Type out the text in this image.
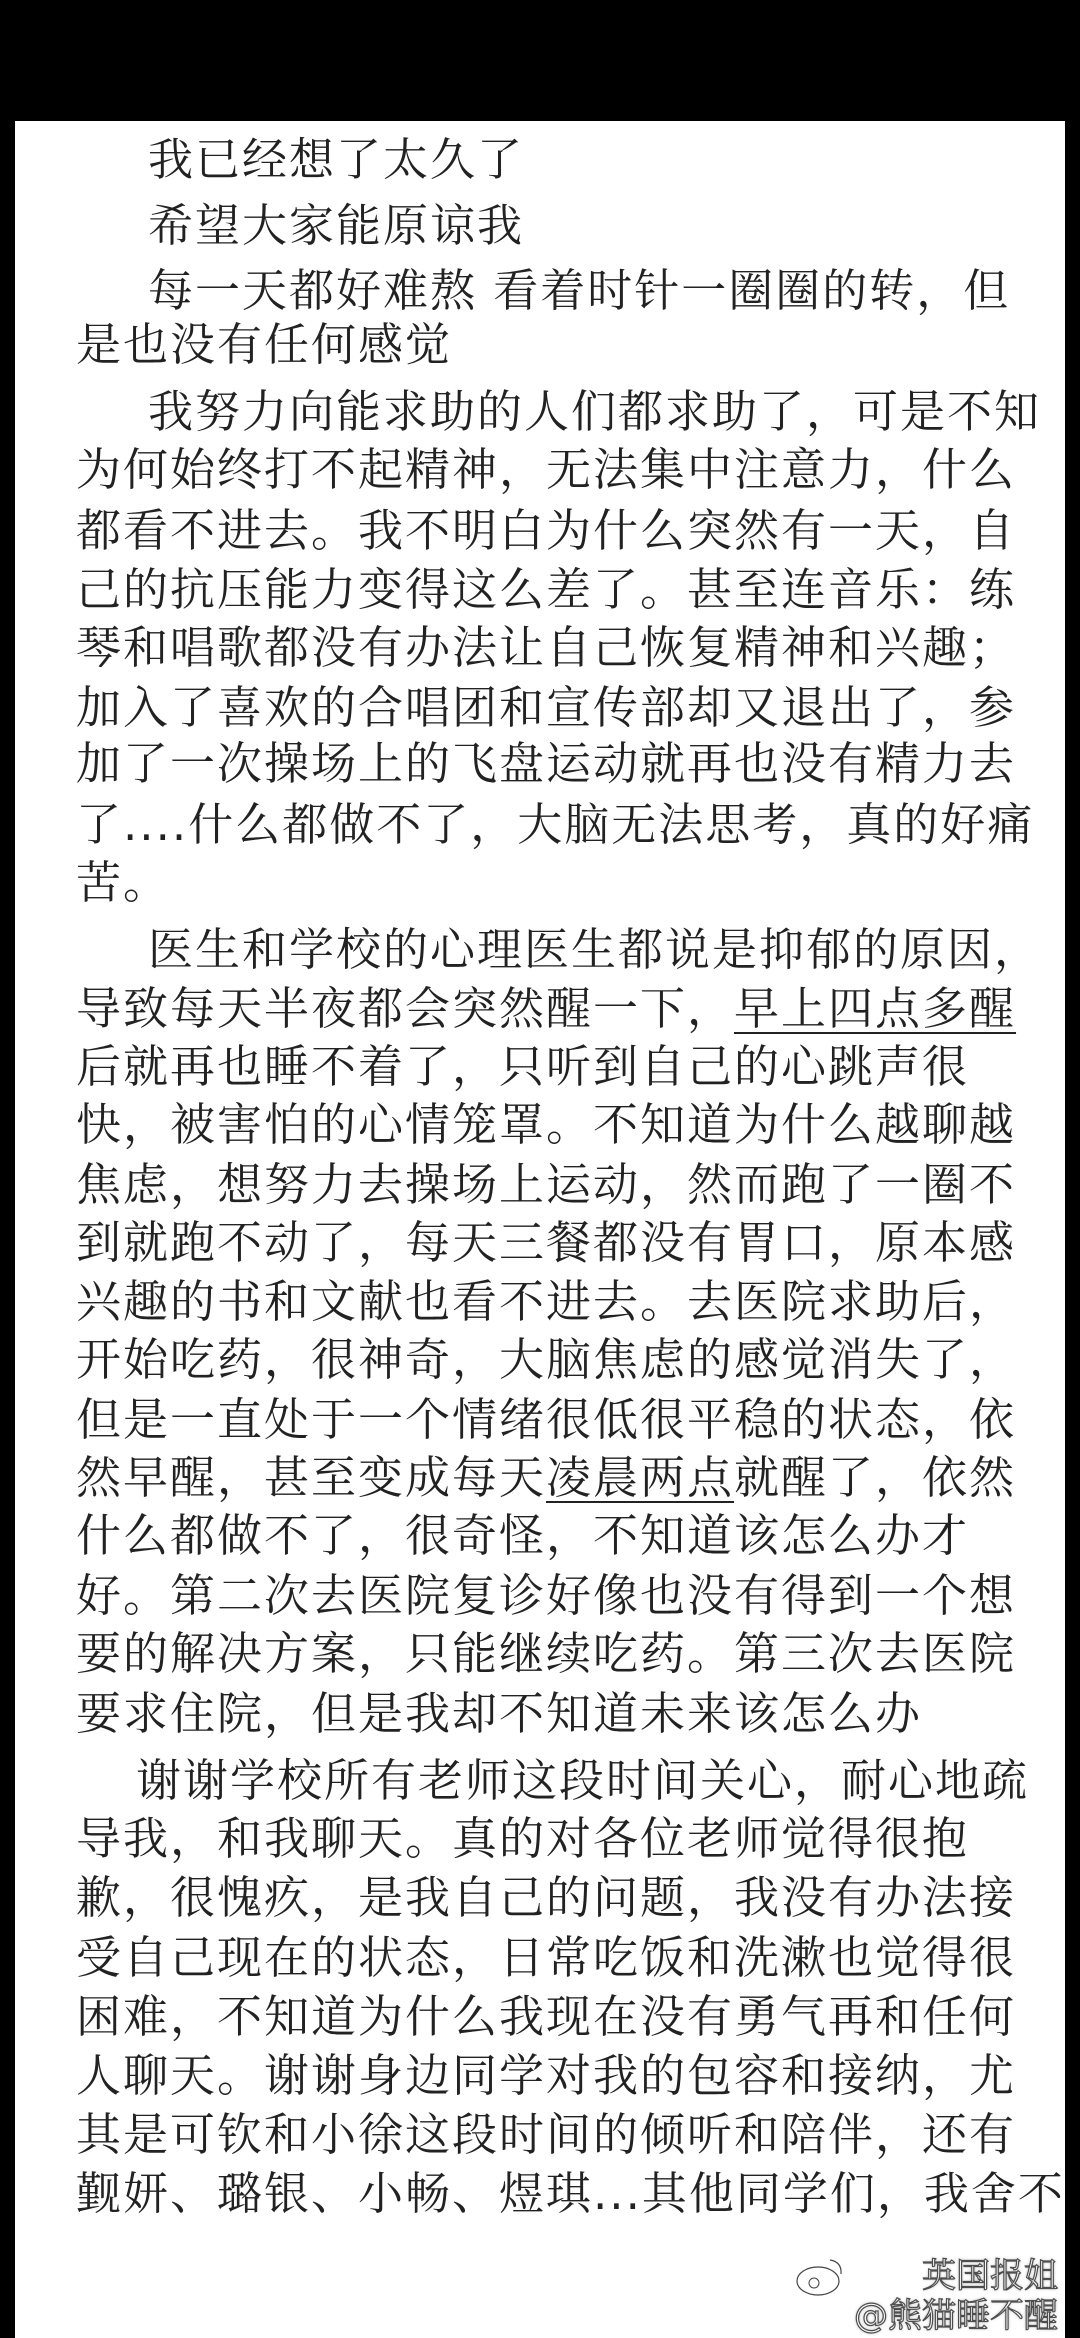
我已经想了太久了
希望大家能原谅我
每一天都好难熬 看着时针一圈圈的转，但
是也没有任何感觉
我努力向能求助的人们都求助了，可是不知
为何始终打不起精神，无法集中注意力，什么
都看不进去。我不明白为什么突然有一天，自
己的抗压能力变得这么差了。甚至连音乐：练
琴和唱歌都没有办法让自己恢复精神和兴趣；
加入了喜欢的合唱团和宣传部却又退出了，参
加了一次操场上的飞盘运动就再也没有精力去
了....什么都做不了，大脑无法思考，真的好痛
苦。
医生和学校的心理医生都说是抑郁的原因，
导致每天半夜都会突然醒一下，早上四点多醒
后就再也睡不着了，只听到自己的心跳声很
快，被害怕的心情笼罩。不知道为什么越聊越
焦虑，想努力去操场上运动，然而跑了一圈不
到就跑不动了，每天三餐都没有胃口，原本感
兴趣的书和文献也看不进去。去医院求助后，
开始吃药，很神奇，大脑焦虑的感觉消失了，
但是一直处于一个情绪很低很平稳的状态，依
然早醒，甚至变成每天凌晨两点就醒了，依然
什么都做不了，很奇怪，不知道该怎么办才
好。第二次去医院复诊好像也没有得到一个想
要的解决方案，只能继续吃药。第三次去医院
要求住院，但是我却不知道未来该怎么办
谢谢学校所有老师这段时间关心，耐心地疏
导我，和我聊天。真的对各位老师觉得很抱
歉，很愧疚，是我自己的问题，我没有办法接
受自己现在的状态，日常吃饭和洗漱也觉得很
困难，不知道为什么我现在没有勇气再和任何
人聊天。谢谢身边同学对我的包容和接纳，尤
其是可钦和小徐这段时间的倾听和陪伴，还有
觐妍、璐银、小畅、煜琪...其他同学们，我舍不
英国报姐
@熊猫睡不醒
